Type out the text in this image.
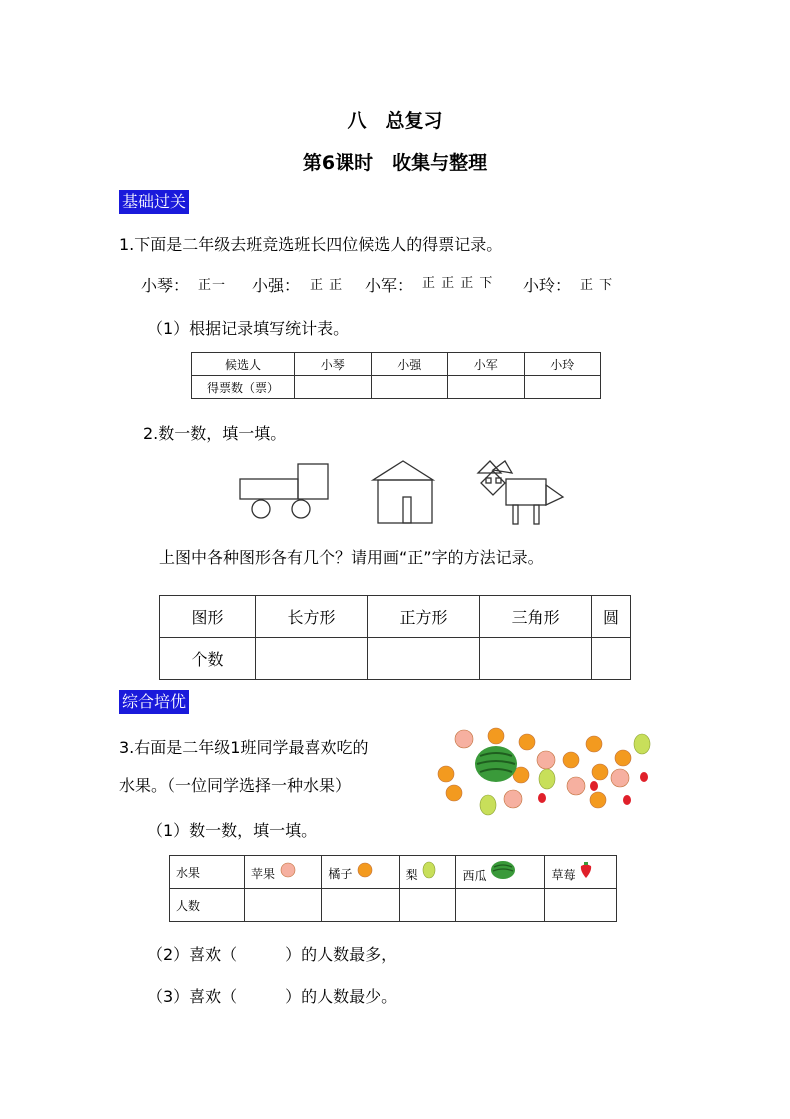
八　总复习
第6课时　收集与整理
基础过关
1.下面是二年级去班竞选班长四位候选人的得票记录。
小琴： 正一 小强： 正 正 小军： 正 正 正 下 小玲： 正 下
（1）根据记录填写统计表。
候选人	小琴	小强	小军	小玲
得票数（票）				
2.数一数，填一填。
上图中各种图形各有几个？请用画“正”字的方法记录。
图形	长方形	正方形	三角形	圆
个数				
综合培优
3.右面是二年级1班同学最喜欢吃的
水果。（一位同学选择一种水果）
（1）数一数，填一填。
水果	苹果	橘子	梨	西瓜	草莓
人数					
（2）喜欢（　　　）的人数最多，
（3）喜欢（　　　）的人数最少。
